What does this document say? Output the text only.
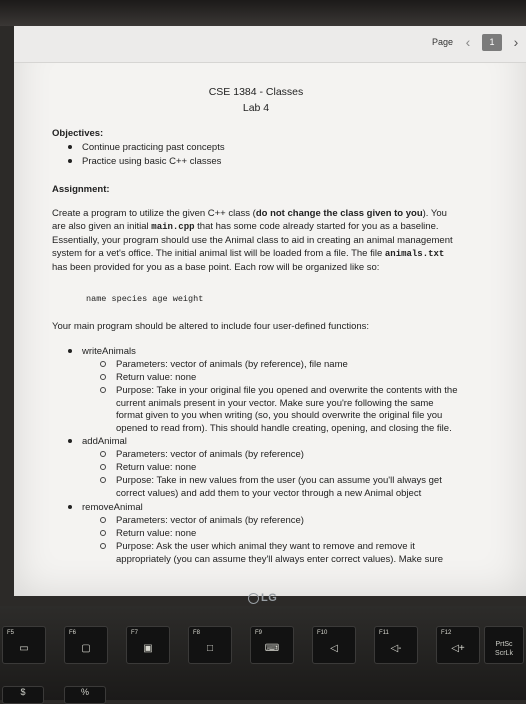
Page ‹	1	›
CSE 1384 - Classes
Lab 4
Objectives:
Continue practicing past concepts
Practice using basic C++ classes
Assignment:
Create a program to utilize the given C++ class (do not change the class given to you). You
are also given an initial main.cpp that has some code already started for you as a baseline.
Essentially, your program should use the Animal class to aid in creating an animal management
system for a vet's office. The initial animal list will be loaded from a file. The file animals.txt
has been provided for you as a base point. Each row will be organized like so:
name species age weight
Your main program should be altered to include four user-defined functions:
writeAnimals
Parameters: vector of animals (by reference), file name
Return value: none
Purpose: Take in your original file you opened and overwrite the contents with the
current animals present in your vector. Make sure you're following the same
format given to you when writing (so, you should overwrite the original file you
opened to read from). This should handle creating, opening, and closing the file.
addAnimal
Parameters: vector of animals (by reference)
Return value: none
Purpose: Take in new values from the user (you can assume you'll always get
correct values) and add them to your vector through a new Animal object
removeAnimal
Parameters: vector of animals (by reference)
Return value: none
Purpose: Ask the user which animal they want to remove and remove it
appropriately (you can assume they'll always enter correct values). Make sure
LG
F5
▭
F6
▢
F7
▣
F8
□
F9
⌨
F10
◁
F11
◁-
F12
◁+	PrtSc
ScrLk
$	%
